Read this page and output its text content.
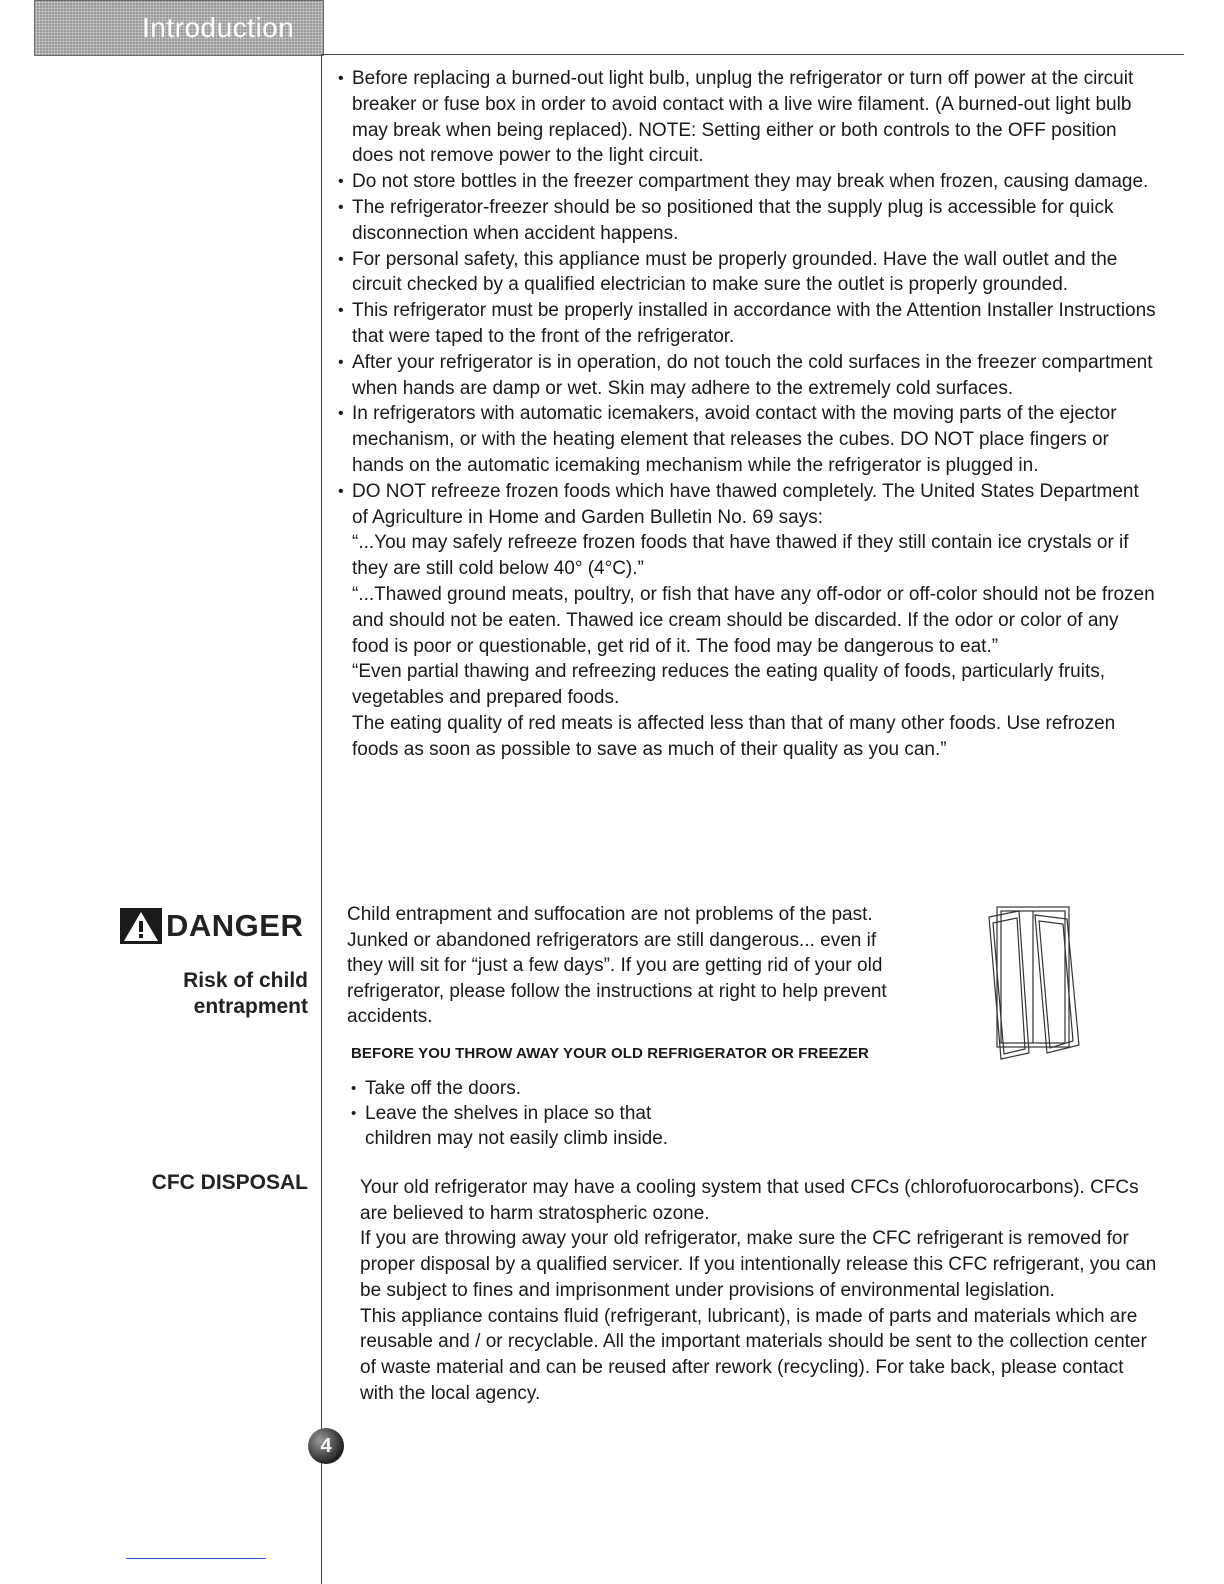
Introduction

• Before replacing a burned-out light bulb, unplug the refrigerator or turn off power at the circuit breaker or fuse box in order to avoid contact with a live wire filament. (A burned-out light bulb may break when being replaced). NOTE: Setting either or both controls to the OFF position does not remove power to the light circuit.

• Do not store bottles in the freezer compartment they may break when frozen, causing damage.

• The refrigerator-freezer should be so positioned that the supply plug is accessible for quick disconnection when accident happens.

• For personal safety, this appliance must be properly grounded. Have the wall outlet and the circuit checked by a qualified electrician to make sure the outlet is properly grounded.

• This refrigerator must be properly installed in accordance with the Attention Installer Instructions that were taped to the front of the refrigerator.

• After your refrigerator is in operation, do not touch the cold surfaces in the freezer compartment when hands are damp or wet. Skin may adhere to the extremely cold surfaces.

• In refrigerators with automatic icemakers, avoid contact with the moving parts of the ejector mechanism, or with the heating element that releases the cubes. DO NOT place fingers or hands on the automatic icemaking mechanism while the refrigerator is plugged in.

• DO NOT refreeze frozen foods which have thawed completely. The United States Department of Agriculture in Home and Garden Bulletin No. 69 says:

“...You may safely refreeze frozen foods that have thawed if they still contain ice crystals or if they are still cold below 40° (4°C).”

“...Thawed ground meats, poultry, or fish that have any off-odor or off-color should not be frozen and should not be eaten. Thawed ice cream should be discarded. If the odor or color of any food is poor or questionable, get rid of it. The food may be dangerous to eat.”

“Even partial thawing and refreezing reduces the eating quality of foods, particularly fruits, vegetables and prepared foods.

The eating quality of red meats is affected less than that of many other foods. Use refrozen foods as soon as possible to save as much of their quality as you can.”

DANGER
Risk of child
entrapment

Child entrapment and suffocation are not problems of the past. Junked or abandoned refrigerators are still dangerous... even if they will sit for “just a few days”. If you are getting rid of your old refrigerator, please follow the instructions at right to help prevent accidents.

BEFORE YOU THROW AWAY YOUR OLD REFRIGERATOR OR FREEZER
• Take off the doors.
• Leave the shelves in place so that children may not easily climb inside.
CFC DISPOSAL	Your old refrigerator may have a cooling system that used CFCs (chlorofuorocarbons). CFCs are believed to harm stratospheric ozone.

If you are throwing away your old refrigerator, make sure the CFC refrigerant is removed for proper disposal by a qualified servicer. If you intentionally release this CFC refrigerant, you can be subject to fines and imprisonment under provisions of environmental legislation.

This appliance contains fluid (refrigerant, lubricant), is made of parts and materials which are reusable and / or recyclable. All the important materials should be sent to the collection center of waste material and can be reused after rework (recycling). For take back, please contact with the local agency.

4
